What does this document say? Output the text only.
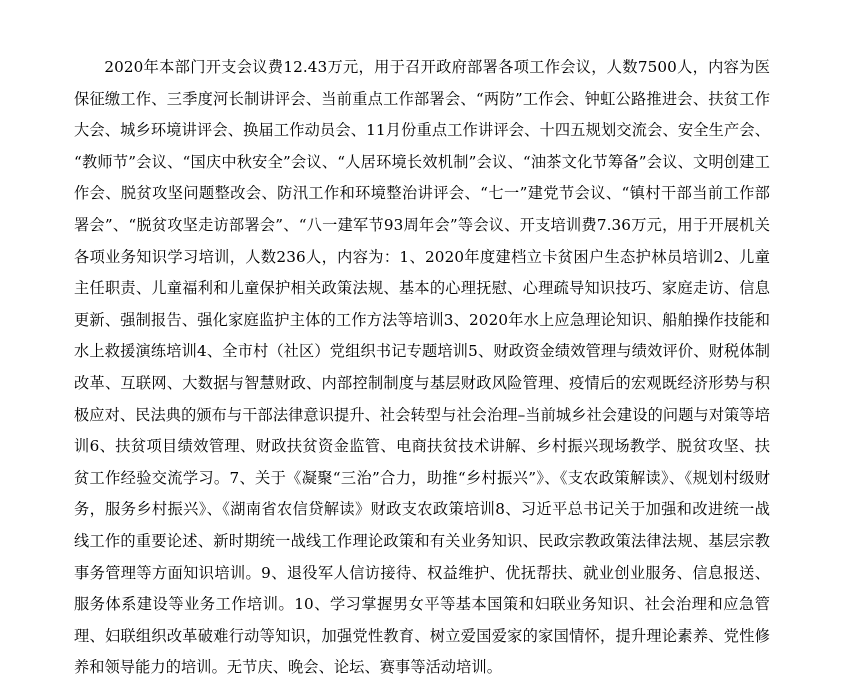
2020年本部门开支会议费12.43万元，用于召开政府部署各项工作会议，人数7500人，内容为医保征缴工作、三季度河长制讲评会、当前重点工作部署会、“两防”工作会、钟虹公路推进会、扶贫工作大会、城乡环境讲评会、换届工作动员会、11月份重点工作讲评会、十四五规划交流会、安全生产会、“教师节”会议、“国庆中秋安全”会议、“人居环境长效机制”会议、“油茶文化节筹备”会议、文明创建工作会、脱贫攻坚问题整改会、防汛工作和环境整治讲评会、“七一”建党节会议、“镇村干部当前工作部署会”、“脱贫攻坚走访部署会”、“八一建军节93周年会”等会议、开支培训费7.36万元，用于开展机关各项业务知识学习培训，人数236人，内容为：1、2020年度建档立卡贫困户生态护林员培训2、儿童主任职责、儿童福利和儿童保护相关政策法规、基本的心理抚慰、心理疏导知识技巧、家庭走访、信息更新、强制报告、强化家庭监护主体的工作方法等培训3、2020年水上应急理论知识、船舶操作技能和水上救援演练培训4、全市村（社区）党组织书记专题培训5、财政资金绩效管理与绩效评价、财税体制改革、互联网、大数据与智慧财政、内部控制制度与基层财政风险管理、疫情后的宏观既经济形势与积极应对、民法典的颁布与干部法律意识提升、社会转型与社会治理–当前城乡社会建设的问题与对策等培训6、扶贫项目绩效管理、财政扶贫资金监管、电商扶贫技术讲解、乡村振兴现场教学、脱贫攻坚、扶贫工作经验交流学习。7、关于《凝聚“三治”合力，助推“乡村振兴”》、《支农政策解读》、《规划村级财务，服务乡村振兴》、《湖南省农信贷解读》财政支农政策培训8、习近平总书记关于加强和改进统一战线工作的重要论述、新时期统一战线工作理论政策和有关业务知识、民政宗教政策法律法规、基层宗教事务管理等方面知识培训。9、退役军人信访接待、权益维护、优抚帮扶、就业创业服务、信息报送、服务体系建设等业务工作培训。10、学习掌握男女平等基本国策和妇联业务知识、社会治理和应急管理、妇联组织改革破难行动等知识，加强党性教育、树立爱国爱家的家国情怀，提升理论素养、党性修养和领导能力的培训。无节庆、晚会、论坛、赛事等活动培训。
